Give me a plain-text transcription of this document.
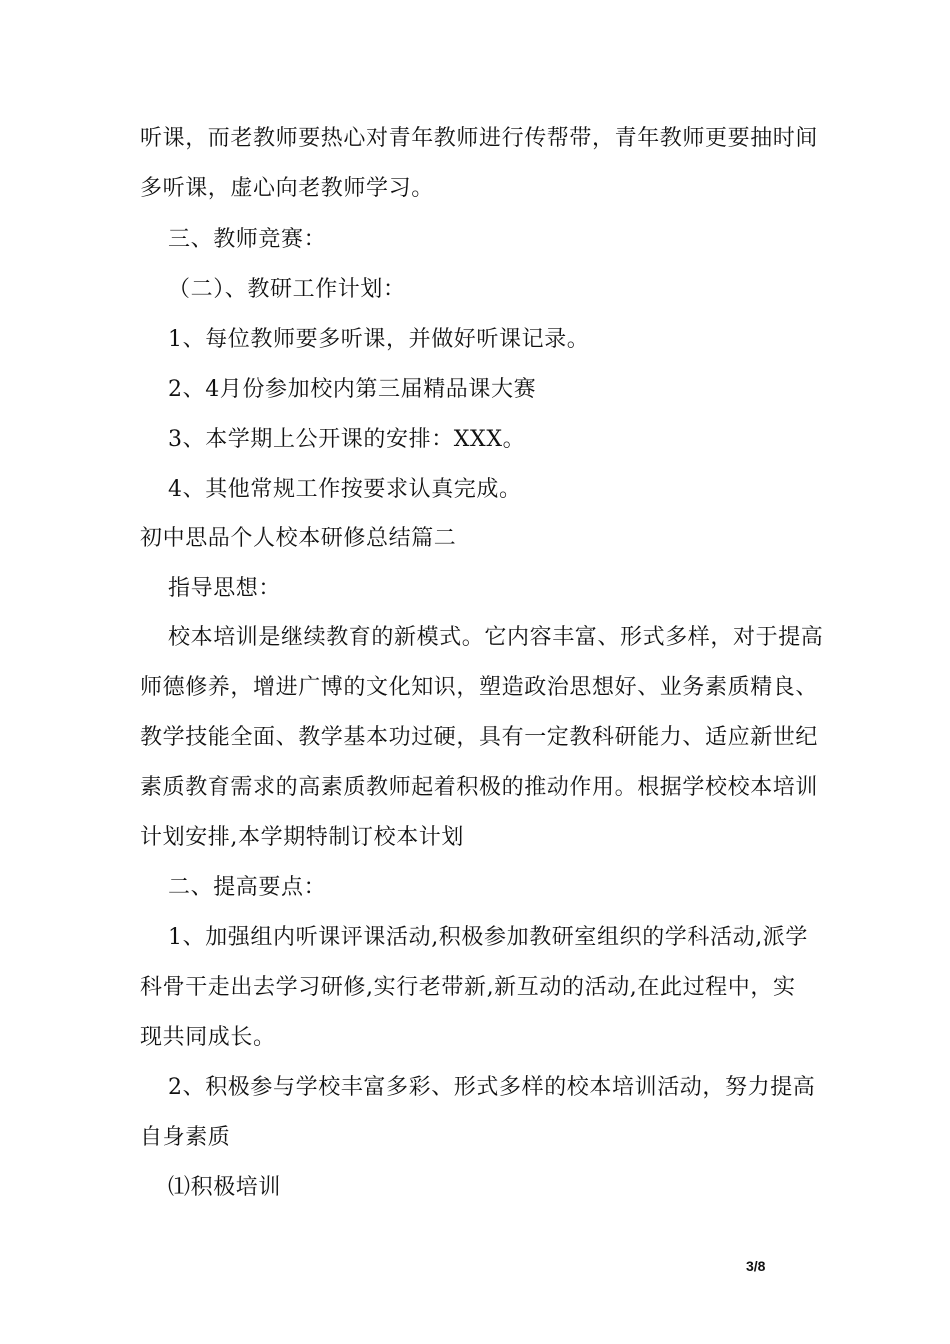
听课，而老教师要热心对青年教师进行传帮带，青年教师更要抽时间
多听课，虚心向老教师学习。
三、教师竞赛：
（二）、教研工作计划：
1、每位教师要多听课，并做好听课记录。
2、4月份参加校内第三届精品课大赛
3、本学期上公开课的安排：XXX。
4、其他常规工作按要求认真完成。
初中思品个人校本研修总结篇二
指导思想：
校本培训是继续教育的新模式。它内容丰富、形式多样，对于提高
师德修养，增进广博的文化知识，塑造政治思想好、业务素质精良、
教学技能全面、教学基本功过硬，具有一定教科研能力、适应新世纪
素质教育需求的高素质教师起着积极的推动作用。根据学校校本培训
计划安排,本学期特制订校本计划
二、提高要点：
1、加强组内听课评课活动,积极参加教研室组织的学科活动,派学
科骨干走出去学习研修,实行老带新,新互动的活动,在此过程中，实
现共同成长。
2、积极参与学校丰富多彩、形式多样的校本培训活动，努力提高
自身素质
⑴积极培训
3/8
